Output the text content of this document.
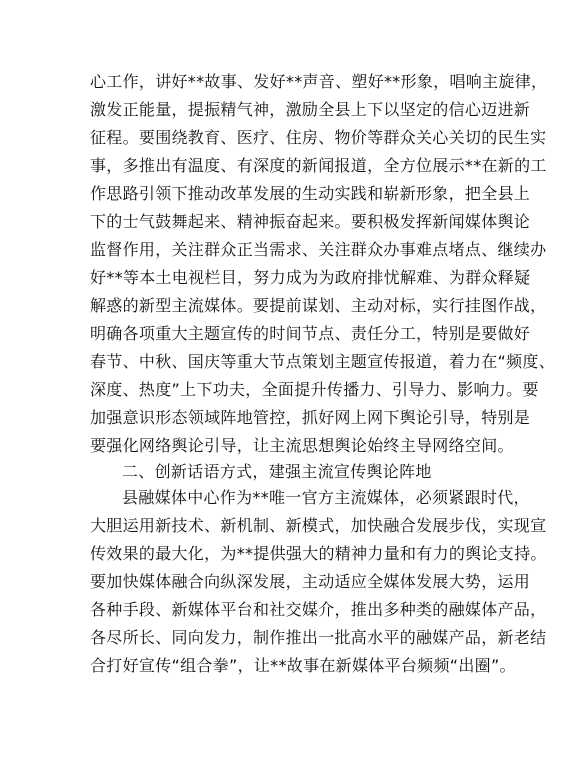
心工作，讲好**故事、发好**声音、塑好**形象，唱响主旋律，
激发正能量，提振精气神，激励全县上下以坚定的信心迈进新
征程。要围绕教育、医疗、住房、物价等群众关心关切的民生实
事，多推出有温度、有深度的新闻报道，全方位展示**在新的工
作思路引领下推动改革发展的生动实践和崭新形象，把全县上
下的士气鼓舞起来、精神振奋起来。要积极发挥新闻媒体舆论
监督作用，关注群众正当需求、关注群众办事难点堵点、继续办
好**等本土电视栏目，努力成为为政府排忧解难、为群众释疑
解惑的新型主流媒体。要提前谋划、主动对标，实行挂图作战，
明确各项重大主题宣传的时间节点、责任分工，特别是要做好
春节、中秋、国庆等重大节点策划主题宣传报道，着力在“频度、
深度、热度”上下功夫，全面提升传播力、引导力、影响力。要
加强意识形态领域阵地管控，抓好网上网下舆论引导，特别是
要强化网络舆论引导，让主流思想舆论始终主导网络空间。
二、创新话语方式，建强主流宣传舆论阵地
县融媒体中心作为**唯一官方主流媒体，必须紧跟时代，
大胆运用新技术、新机制、新模式，加快融合发展步伐，实现宣
传效果的最大化，为**提供强大的精神力量和有力的舆论支持。
要加快媒体融合向纵深发展，主动适应全媒体发展大势，运用
各种手段、新媒体平台和社交媒介，推出多种类的融媒体产品，
各尽所长、同向发力，制作推出一批高水平的融媒产品，新老结
合打好宣传“组合拳”，让**故事在新媒体平台频频“出圈”。
